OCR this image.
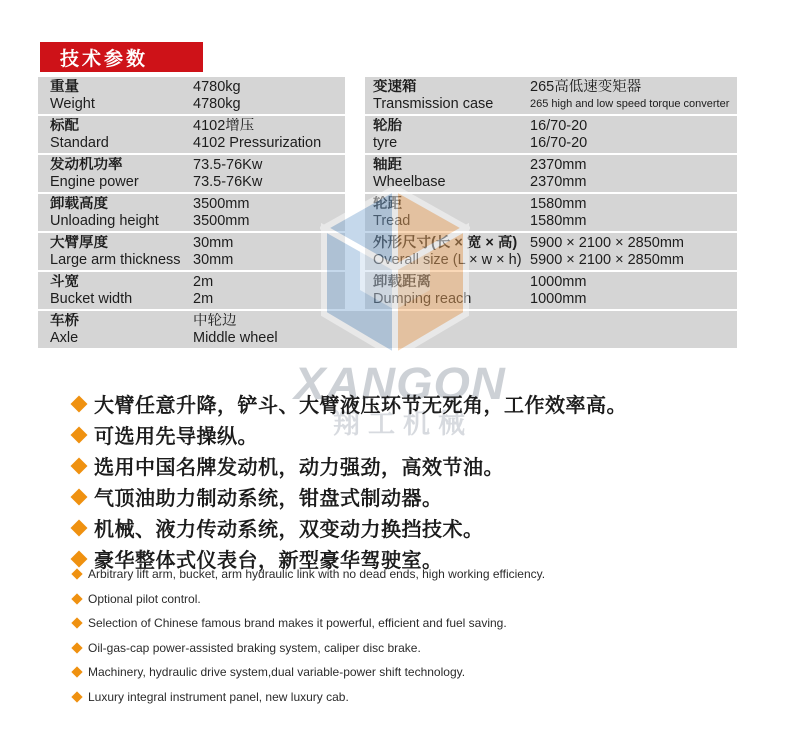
技术参数
重量
Weight
4780kg
4780kg
变速箱
Transmission case
265高低速变矩器
265 high and low speed torque converter
标配
Standard
4102增压
4102 Pressurization
轮胎
tyre
16/70-20
16/70-20
发动机功率
Engine power
73.5-76Kw
73.5-76Kw
轴距
Wheelbase
2370mm
2370mm
卸载高度
Unloading height
3500mm
3500mm
轮距
Tread
1580mm
1580mm
大臂厚度
Large arm thickness
30mm
30mm
外形尺寸(长 × 宽 × 高)
Overall size (L × w × h)
5900 × 2100 × 2850mm
5900 × 2100 × 2850mm
斗宽
Bucket width
2m
2m
卸载距离
Dumping reach
1000mm
1000mm
车桥
Axle
中轮边
Middle wheel
XANGON
翔工机械
大臂任意升降，铲斗、大臂液压环节无死角，工作效率高。
可选用先导操纵。
选用中国名牌发动机，动力强劲，高效节油。
气顶油助力制动系统，钳盘式制动器。
机械、液力传动系统，双变动力换挡技术。
豪华整体式仪表台，新型豪华驾驶室。
Arbitrary lift arm, bucket, arm hydraulic link with no dead ends, high working efficiency.
Optional pilot control.
Selection of Chinese famous brand makes it powerful, efficient and fuel saving.
Oil-gas-cap power-assisted braking system, caliper disc brake.
Machinery, hydraulic drive system,dual variable-power shift technology.
Luxury integral instrument panel, new luxury cab.
